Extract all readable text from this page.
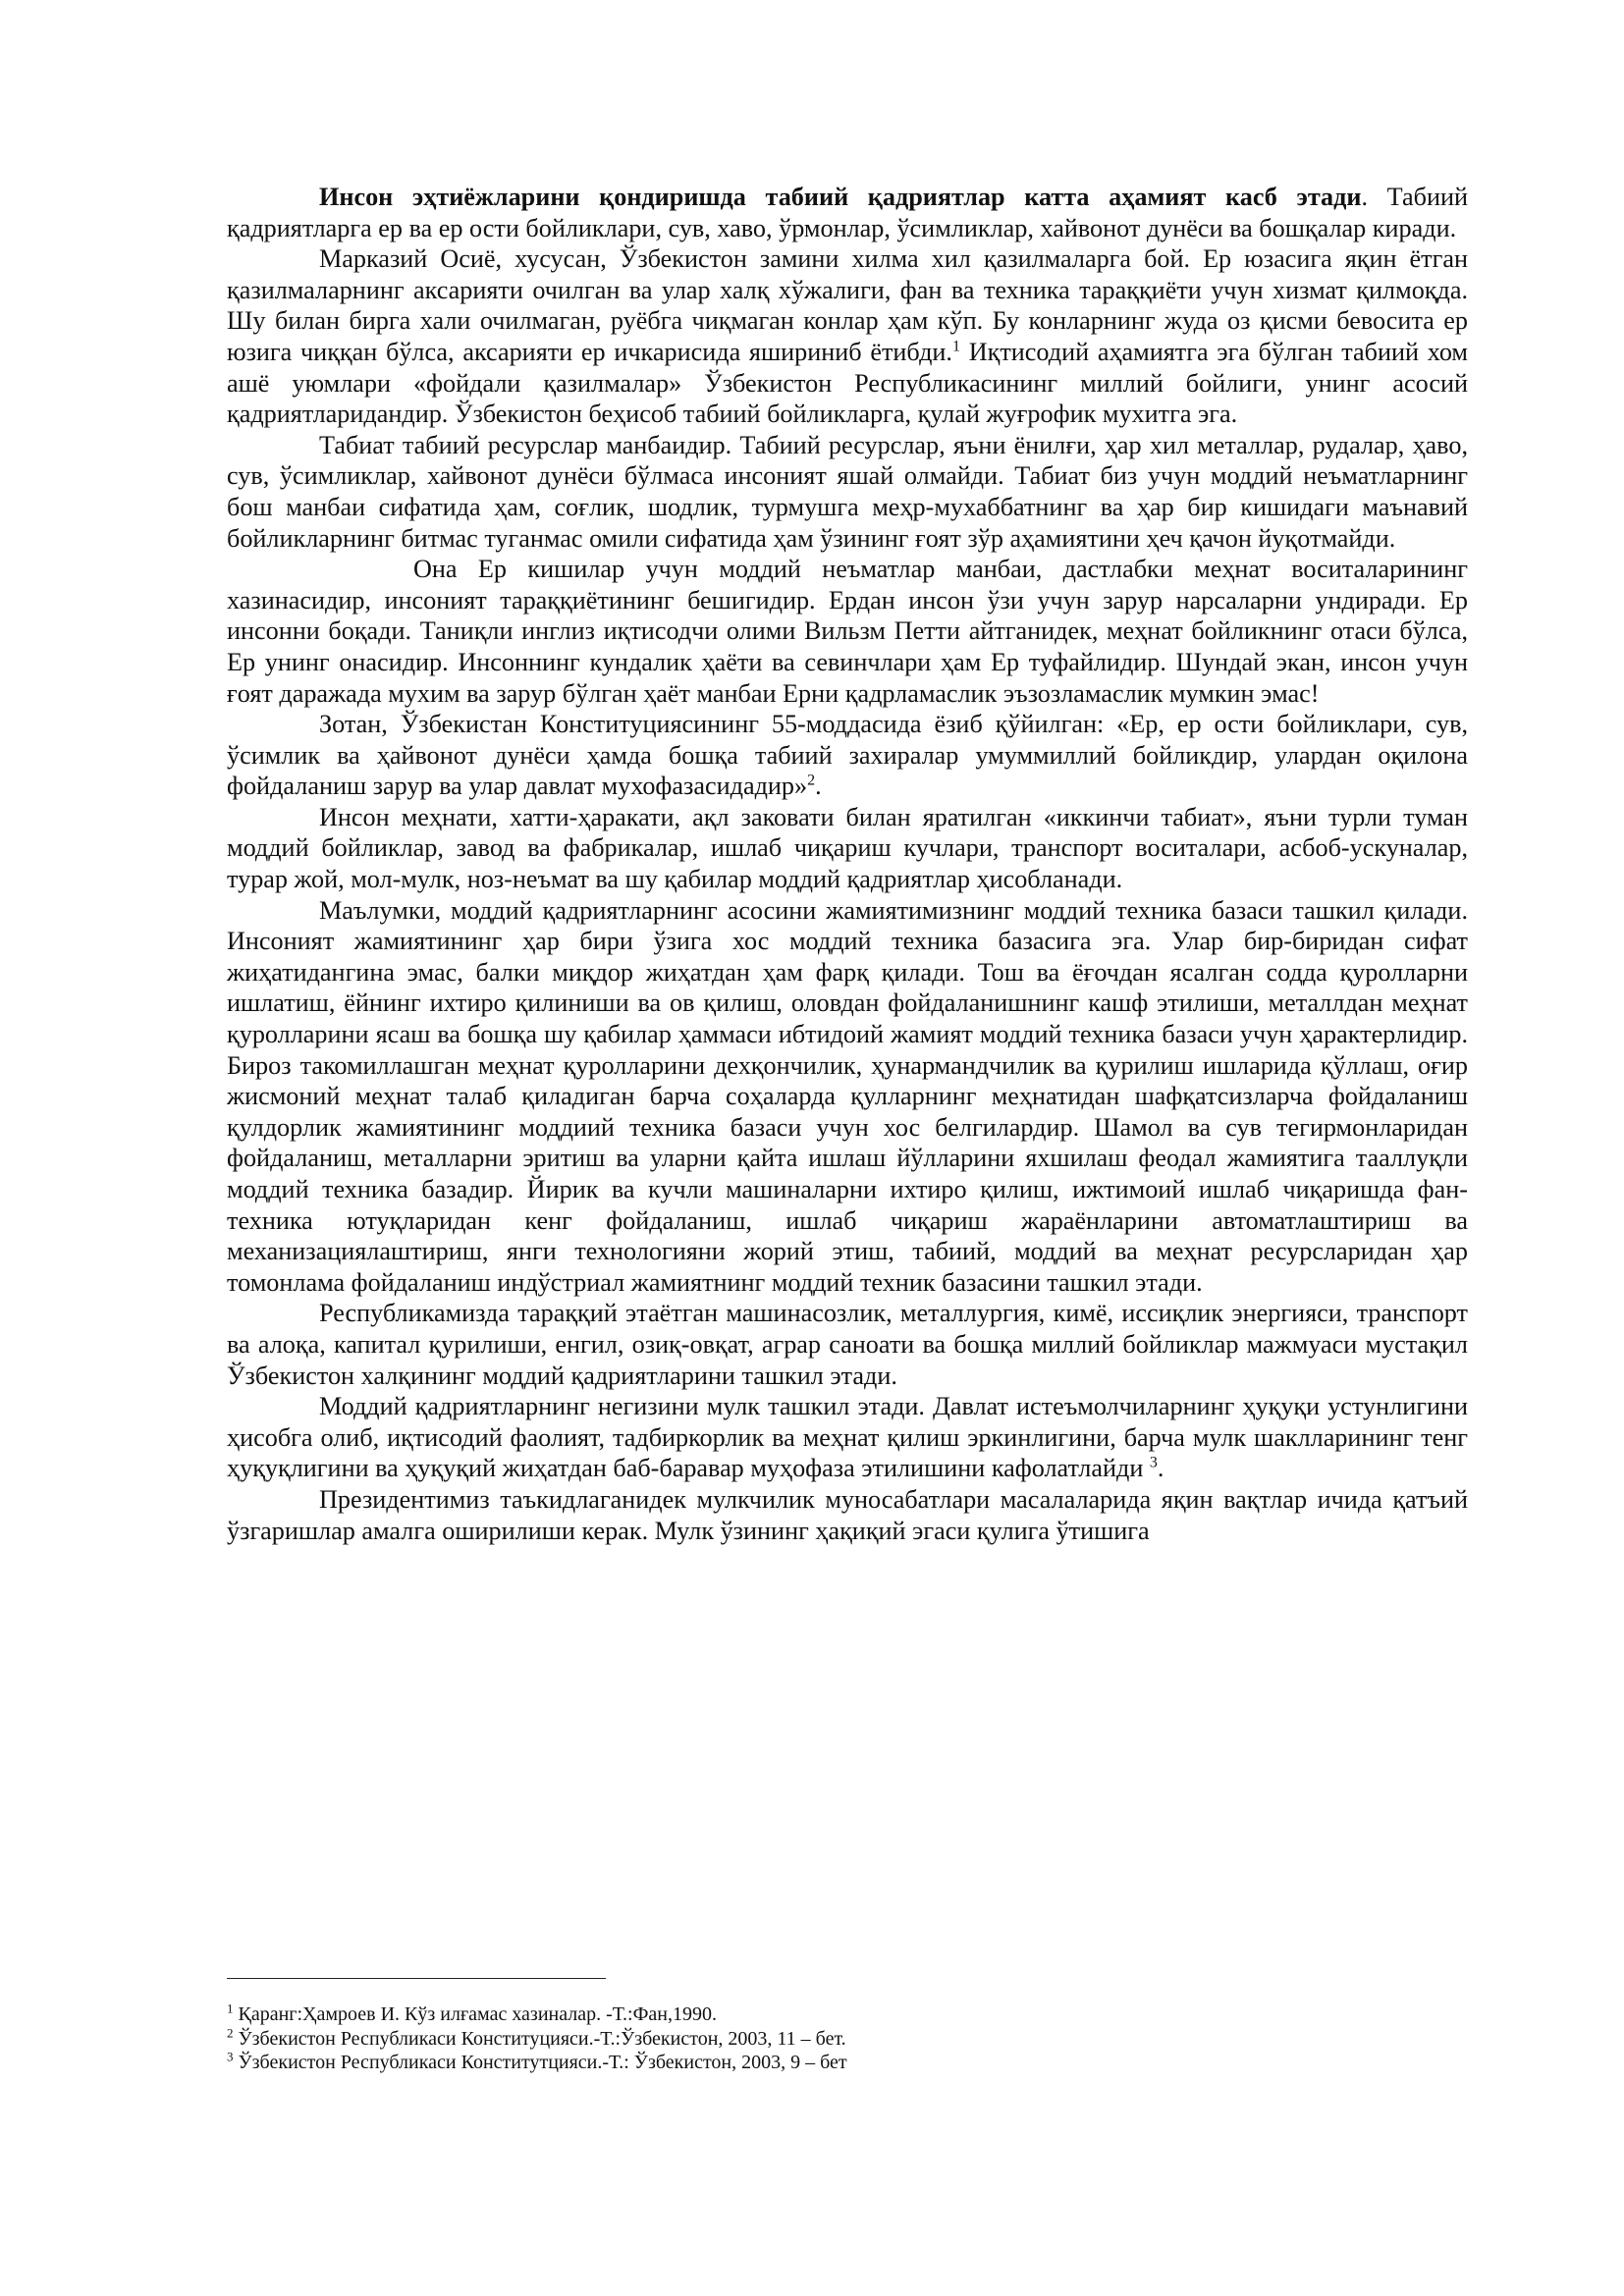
Инсон эҳтиёжларини қондиришда табиий қадриятлар катта аҳамият касб этади. Табиий қадриятларга ер ва ер ости бойликлари, сув, хаво, ўрмонлар, ўсимликлар, хайвонот дунёси ва бошқалар киради.

Марказий Осиё, хусусан, Ўзбекистон замини хилма хил қазилмаларга бой. Ер юзасига яқин ётган қазилмаларнинг аксарияти очилган ва улар халқ хўжалиги, фан ва техника тараққиёти учун хизмат қилмоқда. Шу билан бирга хали очилмаган, руёбга чиқмаган конлар ҳам кўп. Бу конларнинг жуда оз қисми бевосита ер юзига чиққан бўлса, аксарияти ер ичкарисида яшириниб ётибди.$^1$ Иқтисодий аҳамиятга эга бўлган табиий хом ашё уюмлари «фойдали қазилмалар» Ўзбекистон Республикасининг миллий бойлиги, унинг асосий қадриятларидандир. Ўзбекистон беҳисоб табиий бойликларга, қулай жуғрофик мухитга эга.

Табиат табиий ресурслар манбаидир. Табиий ресурслар, яъни ёнилғи, ҳар хил металлар, рудалар, ҳаво, сув, ўсимликлар, хайвонот дунёси бўлмаса инсоният яшай олмайди. Табиат биз учун моддий неъматларнинг бош манбаи сифатида ҳам, соғлик, шодлик, турмушга меҳр-мухаббатнинг ва ҳар бир кишидаги маънавий бойликларнинг битмас туганмас омили сифатида ҳам ўзининг ғоят зўр аҳамиятини ҳеч қачон йуқотмайди.

Она Ер кишилар учун моддий неъматлар манбаи, дастлабки меҳнат воситаларининг хазинасидир, инсоният тараққиётининг бешигидир. Ердан инсон ўзи учун зарур нарсаларни ундиради. Ер инсонни боқади. Таниқли инглиз иқтисодчи олими Вильзм Петти айтганидек, меҳнат бойликнинг отаси бўлса, Ер унинг онасидир. Инсоннинг кундалик ҳаёти ва севинчлари ҳам Ер туфайлидир. Шундай экан, инсон учун ғоят даражада мухим ва зарур бўлган ҳаёт манбаи Ерни қадрламаслик эъзозламаслик мумкин эмас!

Зотан, Ўзбекистан Конституциясининг 55-моддасида ёзиб қўйилган: «Ер, ер ости бойликлари, сув, ўсимлик ва ҳайвонот дунёси ҳамда бошқа табиий захиралар умуммиллий бойликдир, улардан оқилона фойдаланиш зарур ва улар давлат мухофазасидадир»$^2$.

Инсон меҳнати, хатти-ҳаракати, ақл заковати билан яратилган «иккинчи табиат», яъни турли туман моддий бойликлар, завод ва фабрикалар, ишлаб чиқариш кучлари, транспорт воситалари, асбоб-ускуналар, турар жой, мол-мулк, ноз-неъмат ва шу қабилар моддий қадриятлар ҳисобланади.

Маълумки, моддий қадриятларнинг асосини жамиятимизнинг моддий техника базаси ташкил қилади. Инсоният жамиятининг ҳар бири ўзига хос моддий техника базасига эга. Улар бир-биридан сифат жиҳатидангина эмас, балки миқдор жиҳатдан ҳам фарқ қилади. Тош ва ёғочдан ясалган содда қуролларни ишлатиш, ёйнинг ихтиро қилиниши ва ов қилиш, оловдан фойдаланишнинг кашф этилиши, металлдан меҳнат қуролларини ясаш ва бошқа шу қабилар ҳаммаси ибтидоий жамият моддий техника базаси учун ҳарактерлидир. Бироз такомиллашган меҳнат қуролларини дехқончилик, ҳунармандчилик ва қурилиш ишларида қўллаш, оғир жисмоний меҳнат талаб қиладиган барча соҳаларда қулларнинг меҳнатидан шафқатсизларча фойдаланиш қулдорлик жамиятининг моддиий техника базаси учун хос белгилардир. Шамол ва сув тегирмонларидан фойдаланиш, металларни эритиш ва уларни қайта ишлаш йўлларини яхшилаш феодал жамиятига тааллуқли моддий техника базадир. Йирик ва кучли машиналарни ихтиро қилиш, ижтимоий ишлаб чиқаришда фан-техника ютуқларидан кенг фойдаланиш, ишлаб чиқариш жараёнларини автоматлаштириш ва механизациялаштириш, янги технологияни жорий этиш, табиий, моддий ва меҳнат ресурсларидан ҳар томонлама фойдаланиш индўстриал жамиятнинг моддий техник базасини ташкил этади.

Республикамизда тараққий этаётган машинасозлик, металлургия, кимё, иссиқлик энергияси, транспорт ва алоқа, капитал қурилиши, енгил, озиқ-овқат, аграр саноати ва бошқа миллий бойликлар мажмуаси мустақил Ўзбекистон халқининг моддий қадриятларини ташкил этади.

Моддий қадриятларнинг негизини мулк ташкил этади. Давлат истеъмолчиларнинг ҳуқуқи устунлигини ҳисобга олиб, иқтисодий фаолият, тадбиркорлик ва меҳнат қилиш эркинлигини, барча мулк шаклларининг тенг ҳуқуқлигини ва ҳуқуқий жиҳатдан баб-баравар муҳофаза этилишини кафолатлайди $^3$.

Президентимиз таъкидлаганидек мулкчилик муносабатлари масалаларида яқин вақтлар ичида қатъий ўзгаришлар амалга оширилиши керак. Мулк ўзининг ҳақиқий эгаси қулига ўтишига

$^1$ Қаранг:Ҳамроев И. Кўз илғамас хазиналар. -Т.:Фан,1990.

$^2$ Ўзбекистон Республикаси Конституцияси.-Т.:Ўзбекистон, 2003, 11 – бет.

$^3$ Ўзбекистон Республикаси Конститутцияси.-Т.: Ўзбекистон, 2003, 9 – бет
